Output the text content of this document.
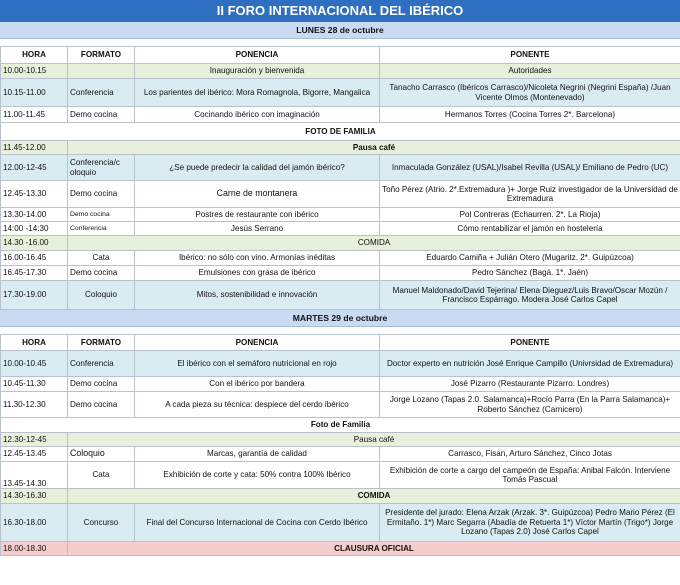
II FORO INTERNACIONAL DEL IBÉRICO
LUNES 28 de octubre
HORA	FORMATO	PONENCIA	PONENTE
10.00-10.15		Inauguración y bienvenida	Autoridades
10.15-11.00	Conferencia	Los parientes del ibérico: Mora Romagnola, Bigorre, Mangalica	Tanacho Carrasco (Ibéricos Carrasco)/Nicoleta Negrini (Negrini España) /Juan Vicente Olmos (Montenevado)
11.00-11.45	Demo cocina	Cocinando ibérico con imaginación	Hermanos Torres (Cocina Torres 2*. Barcelona)
FOTO DE FAMILIA			
11.45-12.00	Pausa café		
12.00-12-45	Conferencia/c oloquio	¿Se puede predecir la calidad del jamón ibérico?	Inmaculada González (USAL)/Isabel Revilla (USAL)/ Emiliano de Pedro (UC)
12.45-13.30	Demo cocina	Carne de montanera	Toño Pérez (Atrio. 2*.Extremadura )+ Jorge Ruiz investigador de la Universidad de Extremadura
13.30-14.00	Demo cocina	Postres de restaurante con ibérico	Pol Contreras (Echaurren. 2*. La Rioja)
14:00 -14:30	Conferencia	Jesús Serrano	Cómo rentabilizar el jamón en hostelería
14.30 -16.00	COMIDA		
16.00-16.45	Cata	Ibérico: no sólo con vino. Armonías inéditas	Eduardo Camiña + Julián Otero (Mugaritz. 2*. Guipúzcoa)
16.45-17.30	Demo cocina	Emulsiones con grasa de ibérico	Pedro Sánchez (Bagá. 1*. Jaén)
17.30-19.00	Coloquio	Mitos, sostenibilidad e innovación	Manuel Maldonado/David Tejerina/ Elena Dieguez/Luis Bravo/Oscar Mozún / Francisco Espárrago. Modera José Carlos Capel
MARTES 29 de octubre
HORA	FORMATO	PONENCIA	PONENTE
10.00-10.45	Conferencia	El ibérico con el semáforo nutricional en rojo	Doctor experto en nutrición José Enrique Campillo (Univrsidad de Extremadura)
10.45-11.30	Demo cocina	Con el ibérico por bandera	José Pizarro (Restaurante Pizarro. Londres)
11.30-12.30	Demo cocina	A cada pieza su técnica: despiece del cerdo ibérico	Jorge Lozano (Tapas 2.0. Salamanca)+Rocío Parra (En la Parra Salamanca)+ Roberto Sánchez (Carnicero)
Foto de Familia			
12.30-12-45	Pausa café		
12.45-13.45	Coloquio	Marcas, garantía de calidad	Carrasco, Fisan, Arturo Sánchez, Cinco Jotas
13.45-14.30	Cata	Exhibición de corte y cata: 50% contra 100% Ibérico	Exhibición de corte a cargo del campeón de España: Anibal Falcón. Interviene Tomás Pascual
14.30-16.30	COMIDA		
16.30-18.00	Concurso	Final del Concurso Internacional de Cocina con Cerdo Ibérico	Presidente del jurado: Elena Arzak (Arzak. 3*. Guipúzcoa) Pedro Mario Pérez (El Ermitaño. 1*) Marc Segarra (Abadía de Retuerta 1*) Víctor Martín (Trigo*) Jorge Lozano (Tapas 2.0) José Carlos Capel
18.00-18.30	CLAUSURA OFICIAL		
